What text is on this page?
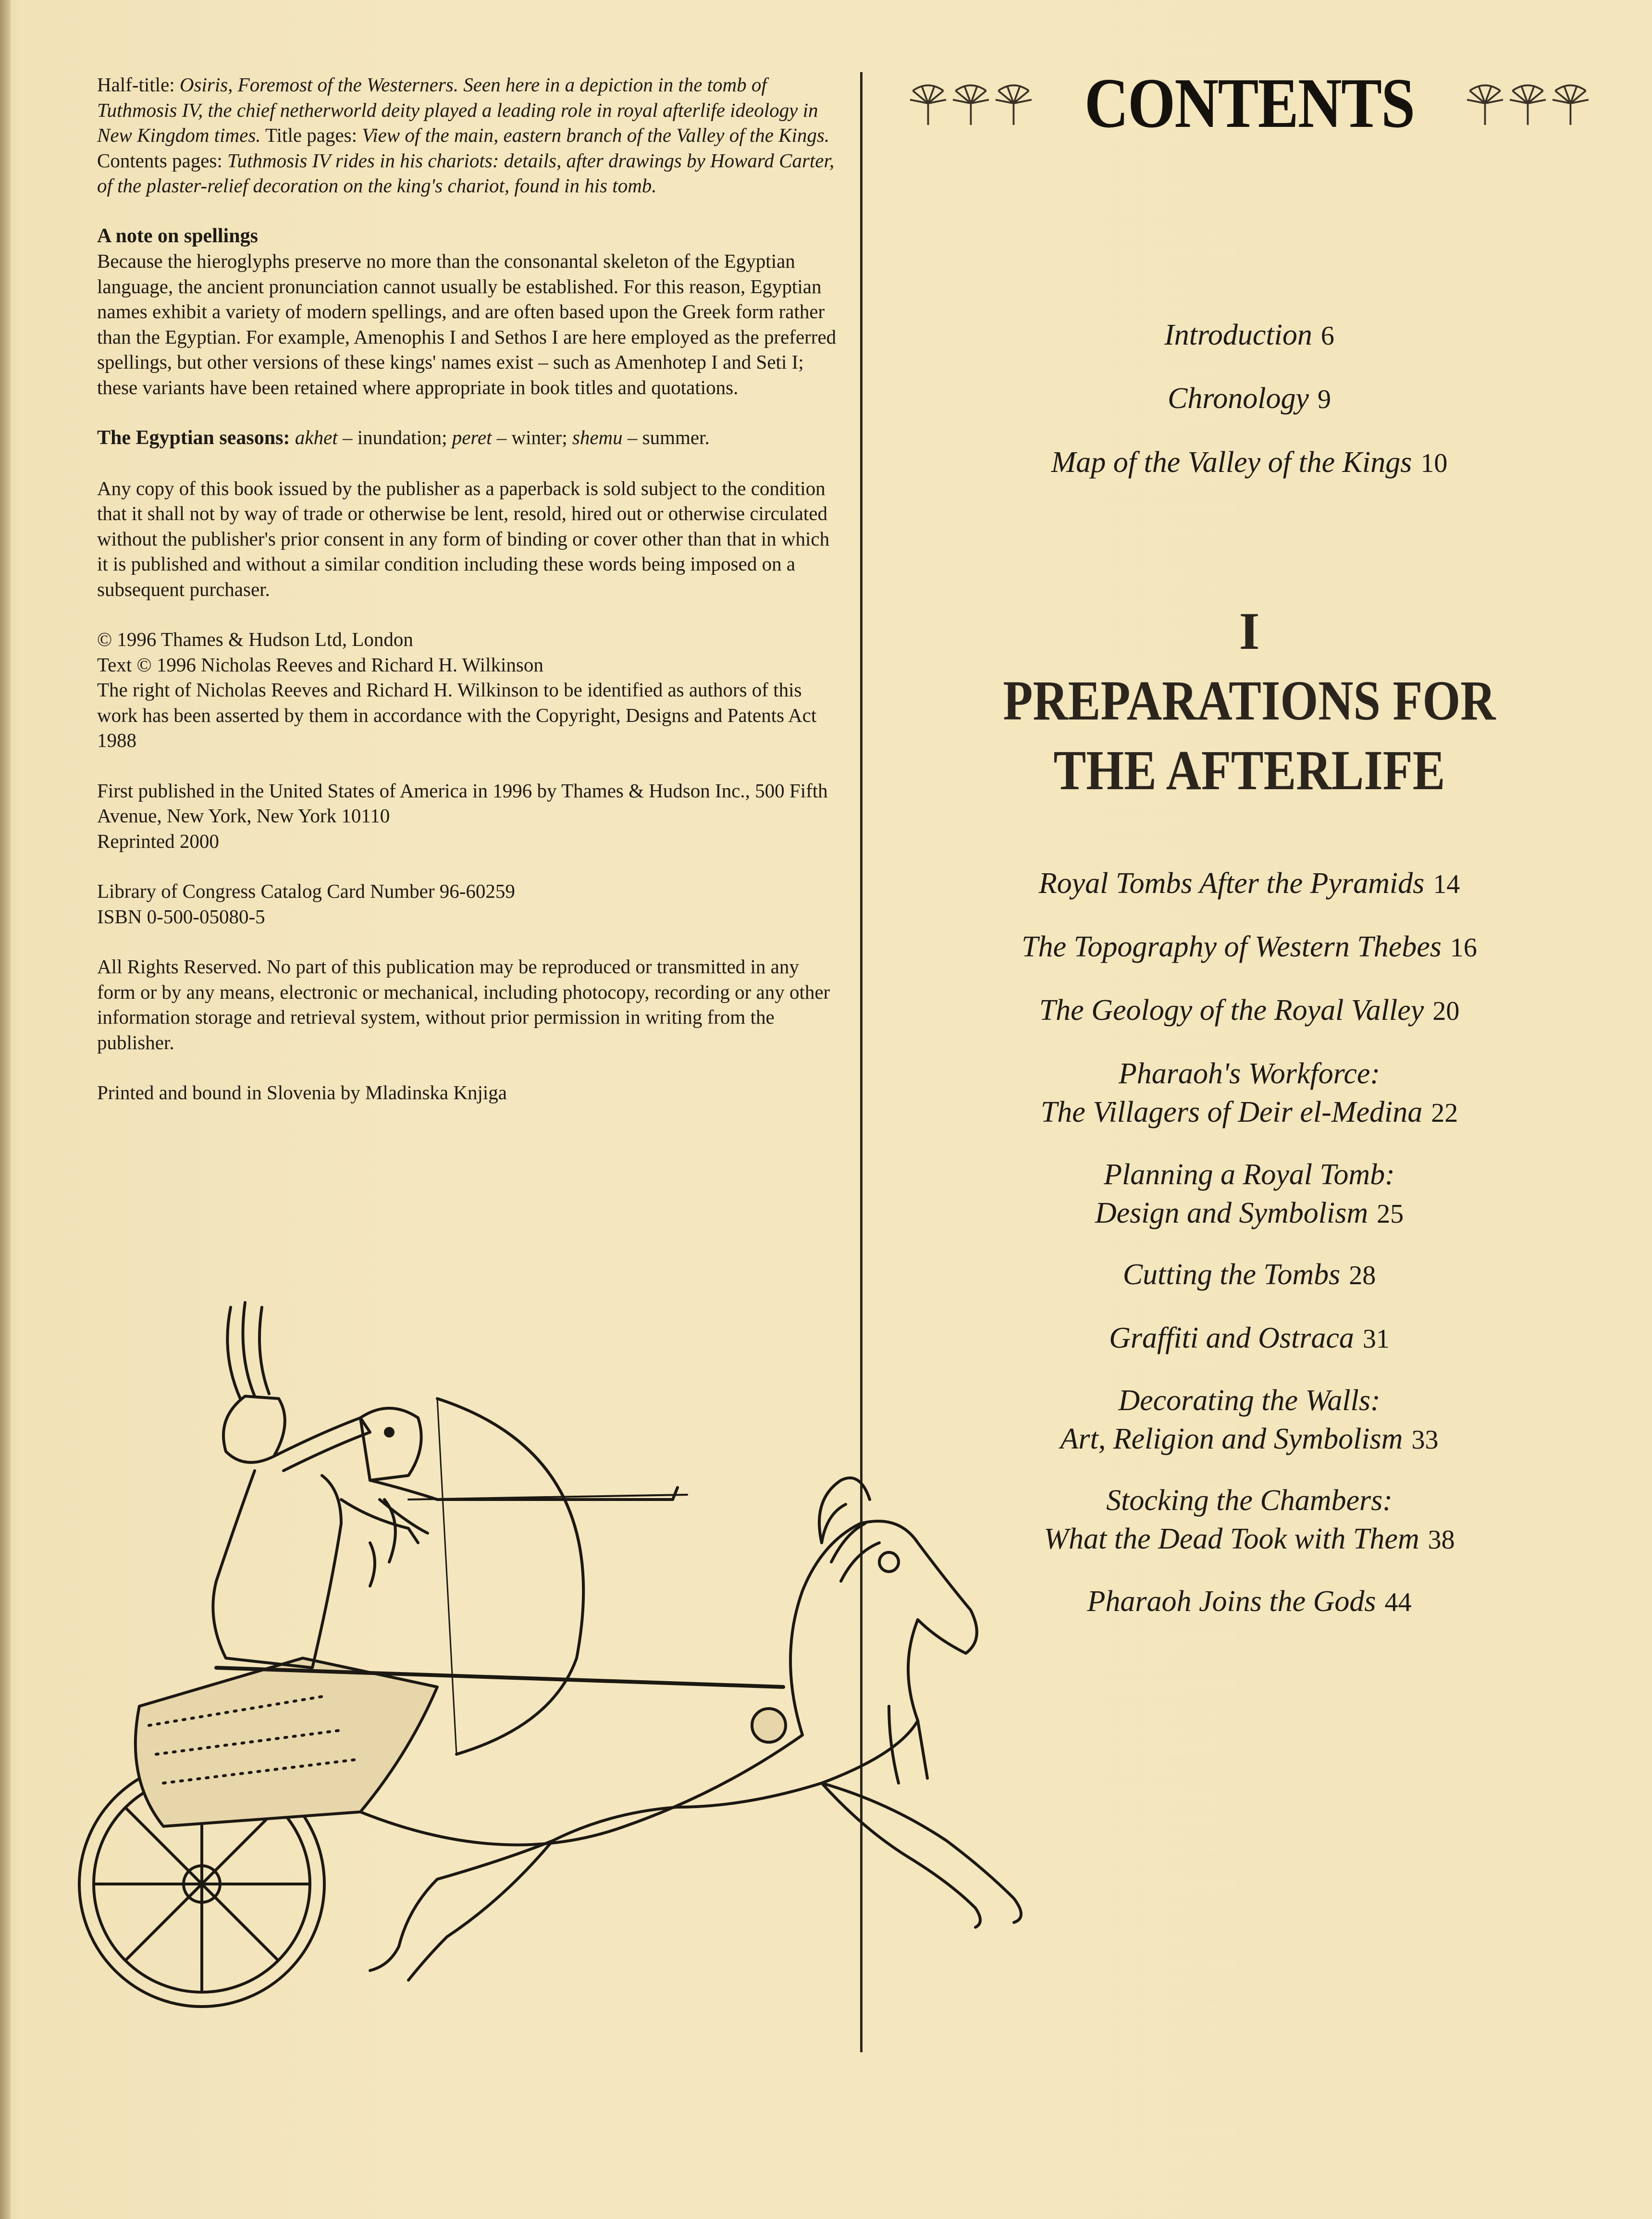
Half-title: Osiris, Foremost of the Westerners. Seen here in a depiction in the tomb of Tuthmosis IV, the chief netherworld deity played a leading role in royal afterlife ideology in New Kingdom times. Title pages: View of the main, eastern branch of the Valley of the Kings. Contents pages: Tuthmosis IV rides in his chariots: details, after drawings by Howard Carter, of the plaster-relief decoration on the king's chariot, found in his tomb.

A note on spellings

Because the hieroglyphs preserve no more than the consonantal skeleton of the Egyptian language, the ancient pronunciation cannot usually be established. For this reason, Egyptian names exhibit a variety of modern spellings, and are often based upon the Greek form rather than the Egyptian. For example, Amenophis I and Sethos I are here employed as the preferred spellings, but other versions of these kings' names exist – such as Amenhotep I and Seti I; these variants have been retained where appropriate in book titles and quotations.

The Egyptian seasons: akhet – inundation; peret – winter; shemu – summer.

Any copy of this book issued by the publisher as a paperback is sold subject to the condition that it shall not by way of trade or otherwise be lent, resold, hired out or otherwise circulated without the publisher's prior consent in any form of binding or cover other than that in which it is published and without a similar condition including these words being imposed on a subsequent purchaser.

© 1996 Thames & Hudson Ltd, London

Text © 1996 Nicholas Reeves and Richard H. Wilkinson

The right of Nicholas Reeves and Richard H. Wilkinson to be identified as authors of this work has been asserted by them in accordance with the Copyright, Designs and Patents Act 1988

First published in the United States of America in 1996 by Thames & Hudson Inc., 500 Fifth Avenue, New York, New York 10110

Reprinted 2000

Library of Congress Catalog Card Number 96-60259

ISBN 0-500-05080-5

All Rights Reserved. No part of this publication may be reproduced or transmitted in any form or by any means, electronic or mechanical, including photocopy, recording or any other information storage and retrieval system, without prior permission in writing from the publisher.

Printed and bound in Slovenia by Mladinska Knjiga

CONTENTS
Introduction 6
Chronology 9
Map of the Valley of the Kings 10
I
PREPARATIONS FOR
THE AFTERLIFE
Royal Tombs After the Pyramids 14
The Topography of Western Thebes 16
The Geology of the Royal Valley 20
Pharaoh's Workforce:
The Villagers of Deir el-Medina 22
Planning a Royal Tomb:
Design and Symbolism 25
Cutting the Tombs 28
Graffiti and Ostraca 31
Decorating the Walls:
Art, Religion and Symbolism 33
Stocking the Chambers:
What the Dead Took with Them 38
Pharaoh Joins the Gods 44
